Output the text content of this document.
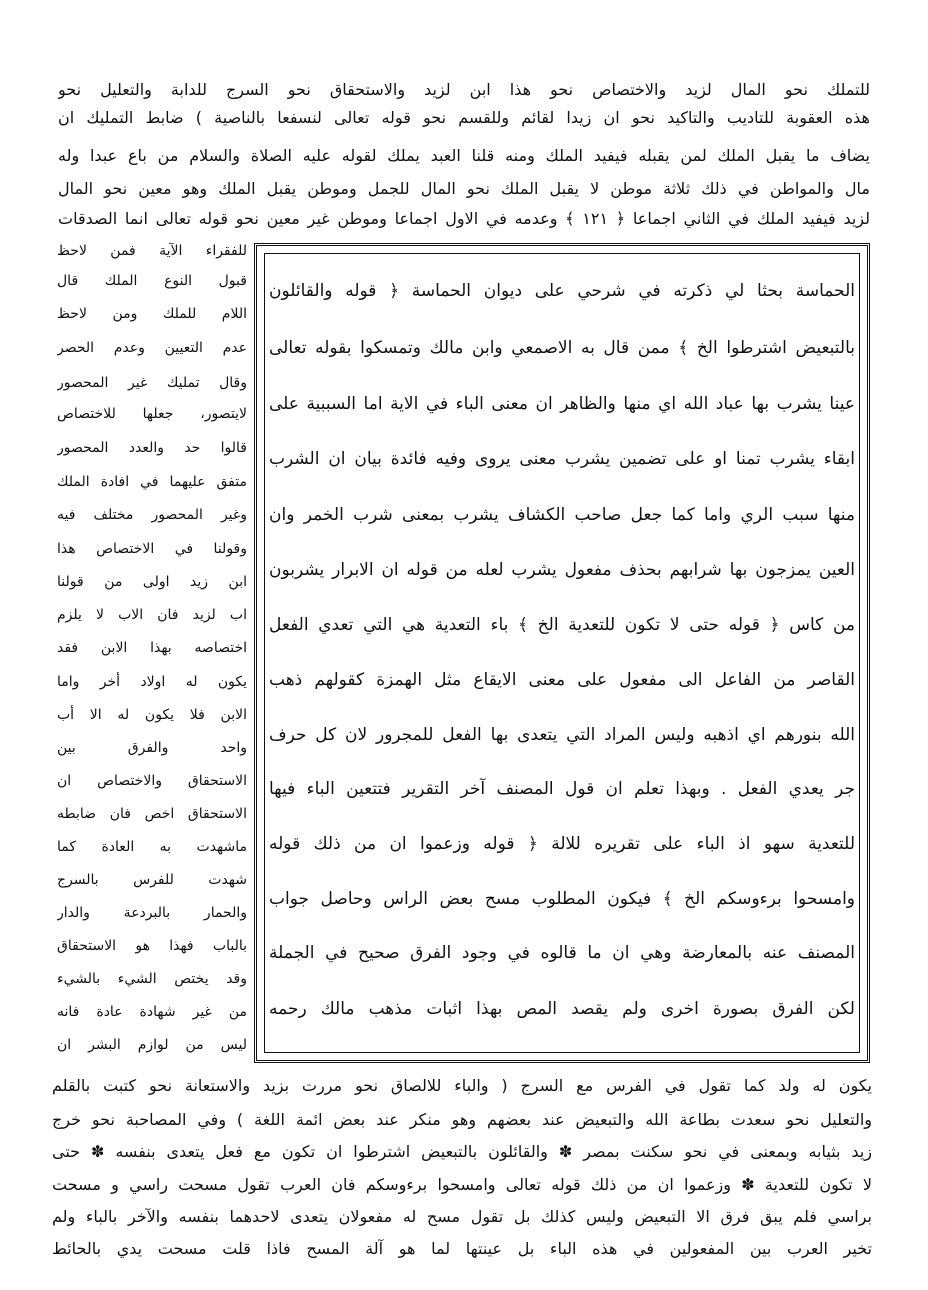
للتملك نحو المال لزيد والاختصاص نحو هذا ابن لزيد والاستحقاق نحو السرج للدابة والتعليل نحو
هذه العقوبة للتاديب والتاكيد نحو ان زيدا لقائم وللقسم نحو قوله تعالى لنسفعا بالناصية ) ضابط التمليك ان
يضاف ما يقبل الملك لمن يقبله فيفيد الملك ومنه قلنا العبد يملك لقوله عليه الصلاة والسلام من باع عبدا وله
مال والمواطن في ذلك ثلاثة موطن لا يقبل الملك نحو المال للجمل وموطن يقبل الملك وهو معين نحو المال
لزيد فيفيد الملك في الثاني اجماعا ﴿ ١٢١ ﴾ وعدمه في الاول اجماعا وموطن غير معين نحو قوله تعالى انما الصدقات
للفقراء الآية فمن لاحظ
قبول النوع الملك قال
اللام للملك ومن لاحظ
عدم التعيين وعدم الحصر
وقال تمليك غير المحصور
لايتصور، جعلها للاختصاص
قالوا حد والعدد المحصور
متفق عليهما في افادة الملك
وغير المحصور مختلف فيه
وقولنا في الاختصاص هذا
ابن زيد اولى من قولنا
اب لزيد فان الاب لا يلزم
اختصاصه بهذا الابن فقد
يكون له اولاد أخر واما
الابن فلا يكون له الا أب
واحد والفرق بين
الاستحقاق والاختصاص ان
الاستحقاق اخص فان ضابطه
ماشهدت به العادة كما
شهدت للفرس بالسرج
والحمار بالبردعة والدار
بالباب فهذا هو الاستحقاق
وقد يختص الشيء بالشيء
من غير شهادة عادة فانه
ليس من لوازم البشر ان
الحماسة بحثا لي ذكرته في شرحي على ديوان الحماسة ﴿ قوله والقائلون
بالتبعيض اشترطوا الخ ﴾ ممن قال به الاصمعي وابن مالك وتمسكوا بقوله تعالى
عينا يشرب بها عباد الله اي منها والظاهر ان معنى الباء في الاية اما السببية على
ابقاء يشرب تمنا او على تضمين يشرب معنى يروى وفيه فائدة بيان ان الشرب
منها سبب الري واما كما جعل صاحب الكشاف يشرب بمعنى شرب الخمر وان
العين يمزجون بها شرابهم بحذف مفعول يشرب لعله من قوله ان الابرار يشربون
من كاس ﴿ قوله حتى لا تكون للتعدية الخ ﴾ باء التعدية هي التي تعدي الفعل
القاصر من الفاعل الى مفعول على معنى الايقاع مثل الهمزة كقولهم ذهب
الله بنورهم اي اذهبه وليس المراد التي يتعدى بها الفعل للمجرور لان كل حرف
جر يعدي الفعل . وبهذا تعلم ان قول المصنف آخر التقرير فتتعين الباء فيها
للتعدية سهو اذ الباء على تقريره للالة ﴿ قوله وزعموا ان من ذلك قوله
وامسحوا برءوسكم الخ ﴾ فيكون المطلوب مسح بعض الراس وحاصل جواب
المصنف عنه بالمعارضة وهي ان ما قالوه في وجود الفرق صحيح في الجملة
لكن الفرق بصورة اخرى ولم يقصد المص بهذا اثبات مذهب مالك رحمه
يكون له ولد كما تقول في الفرس مع السرج ( والباء للالصاق نحو مررت بزيد والاستعانة نحو كتبت بالقلم
والتعليل نحو سعدت بطاعة الله والتبعيض عند بعضهم وهو منكر عند بعض ائمة اللغة ) وفي المصاحبة نحو خرج
زيد بثيابه وبمعنى في نحو سكنت بمصر ✽ والقائلون بالتبعيض اشترطوا ان تكون مع فعل يتعدى بنفسه ✽ حتى
لا تكون للتعدية ✽ وزعموا ان من ذلك قوله تعالى وامسحوا برءوسكم فان العرب تقول مسحت راسي و مسحت
براسي فلم يبق فرق الا التبعيض وليس كذلك بل تقول مسح له مفعولان يتعدى لاحدهما بنفسه والآخر بالباء ولم
تخير العرب بين المفعولين في هذه الباء بل عينتها لما هو آلة المسح فاذا قلت مسحت يدي بالحائط
